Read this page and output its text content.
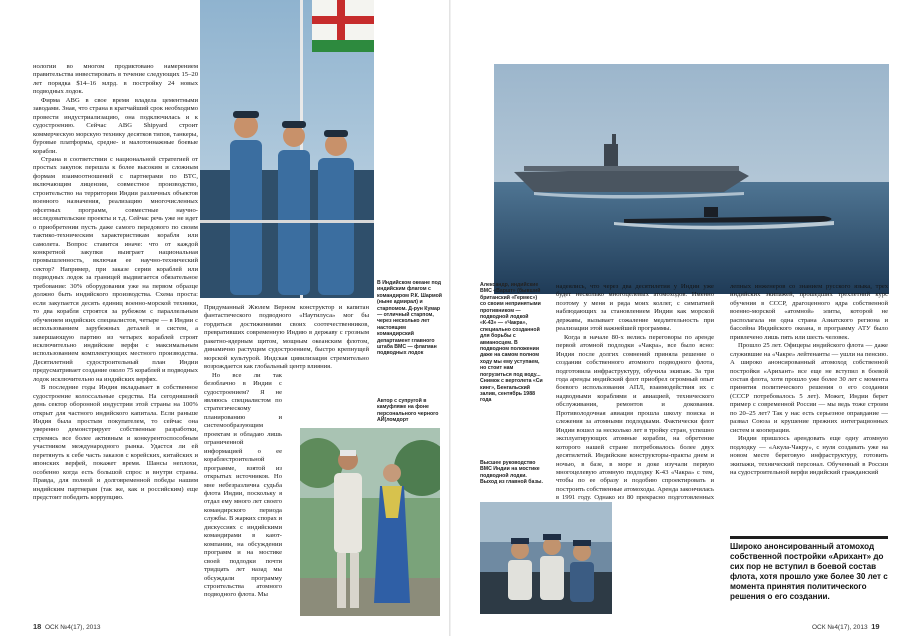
нологии во многом продиктовано намерением правительства инвестировать в течение следующих 15–20 лет порядка $14–16 млрд. в постройку 24 новых подводных лодок.

Фирма ABG в свое время владела цементными заводами. Зная, что страна в кратчайший срок необходимо провести индустриализацию, она подключилась и к судостроению. Сейчас ABG Shipyard строит коммерческую морскую технику десятков типов, танкеры, буровые платформы, средне- и малотоннажные боевые корабли.

Страна в соответствии с национальной стратегией от простых закупок перешла к более высоким и сложным формам взаимоотношений с партнерами по ВТС, включающим лицензии, совместное производство, строительство на территории Индии различных объектов военного назначения, реализацию многочисленных офсетных программ, совместные научно-исследовательские проекты и т.д. Сейчас речь уже не идет о приобретении пусть даже самого передового по своим тактико-техническим характеристикам корабля или самолета. Вопрос ставится иначе: что от каждой конкретной закупки выиграет национальная промышленность, включая ее научно-технический сектор? Например, при заказе серии кораблей или подводных лодок за границей выдвигается обязательное требование: 30% оборудования уже на первом образце должно быть индийского производства. Схема проста: если закупается десять единиц военно-морской техники, то два корабля строятся за рубежом с параллельным обучением индийских специалистов, четыре — в Индии с использованием зарубежных деталей и систем, а завершающую партию из четырех кораблей строят исключительно индийские верфи с максимальным использованием комплектующих местного производства. Десятилетний судостроительный план Индии предусматривает создание около 75 кораблей и подводных лодок исключительно на индийских верфях.

В последние годы Индия вкладывает в собственное судостроение колоссальные средства. На сегодняшний день сектор оборонной индустрии этой страны на 100% открыт для частного индийского капитала. Если раньше Индия была простым покупателем, то сейчас она уверенно демонстрирует собственные разработки, стремясь все более активным и конкурентоспособным участником международного рынка. Удастся ли ей перетянуть к себе часть заказов с корейских, китайских и японских верфей, покажет время. Шансы неплохи, особенно когда есть большой спрос и внутри страны. Правда, для полной и долговременной победы нашим индийским партнерам (так же, как и российским) еще предстоит победить коррупцию.

В Индийском океане под индийским флагом с командиром Р.К. Шармой (ныне адмирал) и старпомом. Д-рун Кумар — отличный старпом, через несколько лет настоящим командирский департамент главного штаба ВМС — флагман подводных лодок

Придуманный Жюлем Верном конструктор и капитан фантастического подводного «Наутилуса» мог бы гордиться достижениями своих соотечественников, превративших современную Индию в державу с грозным ракетно-ядерным щитом, мощным океанским флотом, динамично растущим судостроением, быстро крепнущей морской культурой. Индская цивилизация стремительно возрождается как глобальный центр влияния.

Но все ли так безоблачно в Индии с судостроением? Я не являюсь специалистом по стратегическому планированию и системообразующим проектам и обладаю лишь ограниченной информацией о ее кораблестроительной программе, взятой из открытых источников. Но мне небезразлична судьба флота Индии, поскольку я отдал ему много лет своего командирского периода службы. В жарких спорах и дискуссиях с индийскими командирами в кают-компании, на обсуждении программ и на мостике своей подлодки почти тридцать лет назад мы обсуждали программу строительства атомного подводного флота. Мы

Автор с супругой в камуфляже на фоне персонального черного АЙ(ломдорт
18 ОСК №4(17), 2013
Александр, индийские ВМС «Варшт» (бывший британский «Гермес») со своим непринятыми противником — подводной лодкой «К-43» — «Чакра», специально созданной для борьбы с авианосцем. В подводном положении даже на самом полном ходу мы ему уступаем, но стоит нам погрузиться под воду... Снимок с вертолета «Си кинг», Бенгальский залив, сентябрь 1988 года

надеялись, что через два десятилетия у Индии уже будет несколько многоцелевых атомоходов. Именно поэтому у меня и ряда моих коллег, с симпатией наблюдающих за становлением Индии как морской державы, вызывает сожаление медлительность при реализации этой важнейшей программы.

Когда в начале 80-х велись переговоры по аренде первой атомной подлодки «Чакра», все было ясно: Индия после долгих сомнений приняла решение о создании собственного атомного подводного флота, подготовила инфраструктуру, обучила экипаж. За три года аренды индийский флот приобрел огромный опыт боевого использования АПЛ, взаимодействия их с надводными кораблями и авиацией, технического обслуживания, ремонтов и докования. Противолодочная авиация прошла школу поиска и слежения за атомными подлодками. Фактически флот Индии вошел за несколько лет в тройку стран, успешно эксплуатирующих атомные корабли, на обретение которого нашей стране потребовалось более двух десятилетий. Индийские конструкторы-практы днем и ночью, в базе, в море и доке изучали первую многоцелевую атомную подлодку К-43 «Чакра» с тем, чтобы по ее образу и подобию спроектировать и построить собственные атомоходы. Аренда закончилась в 1991 году. Однако из 80 прекрасно подготовленных

Высшее руководство ВМС Индии на мостике подводной лодки. Выход из главной базы.

лепных инженеров со знанием русского языка, трех индийских экипажей, прошедших трехлетний курс обучения в СССР, драгоценного ядра собственной военно-морской «атомной» элиты, которой не располагала ни одна страна Азиатского региона и бассейна Индийского океана, в программу АТУ было привлечено лишь пять или шесть человек.

Прошло 25 лет. Офицеры индийского флота — даже служившие на «Чакре» лейтенанты — ушли на пенсию. А широко анонсированный атомоход собственной постройки «Арихант» все еще не вступил в боевой состав флота, хотя прошло уже более 30 лет с момента принятия политического решения о его создании (СССР потребовалось 5 лет). Может, Индии берет пример с современной России — мы ведь тоже строим по 20–25 лет? Так у нас есть серьезное оправдание — развал Союза и крушение прежних интеграционных систем и кооперации.

Индии пришлось арендовать еще одну атомную подлодку — «Акула-Чакру», с нуля создавать уже на новом месте береговую инфраструктуру, готовить экипажи, технический персонал. Обученный в России на судостроительной верфи индийский гражданский

Широко анонсированный атомоход собственной постройки «Арихант» до сих пор не вступил в боевой состав флота, хотя прошло уже более 30 лет с момента принятия политического решения о его создании.
ОСК №4(17), 2013 19
